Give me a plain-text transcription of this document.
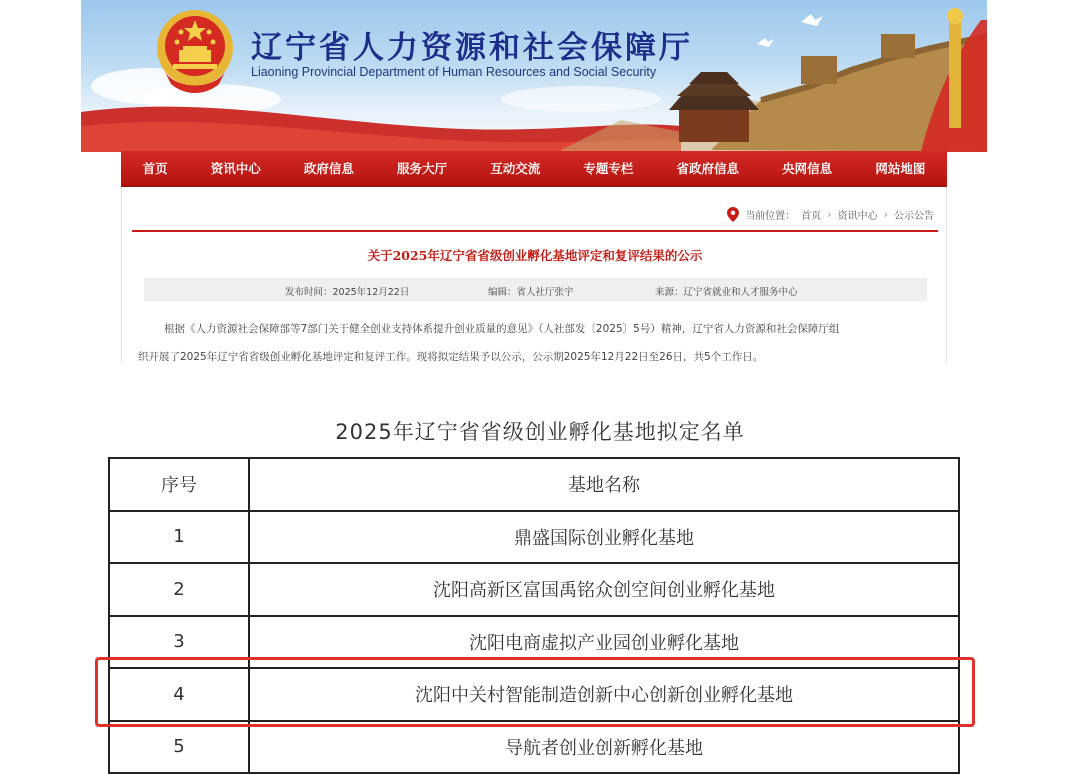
辽宁省人力资源和社会保障厅
Liaoning Provincial Department of Human Resources and Social Security
首页	资讯中心	政府信息	服务大厅	互动交流	专题专栏	省政府信息	央网信息	网站地图
当前位置： 首页 › 资讯中心 › 公示公告
关于2025年辽宁省省级创业孵化基地评定和复评结果的公示
发布时间：2025年12月22日	编辑：省人社厅张宇	来源：辽宁省就业和人才服务中心

根据《人力资源社会保障部等7部门关于健全创业支持体系提升创业质量的意见》（人社部发〔2025〕5号）精神，辽宁省人力资源和社会保障厅组

织开展了2025年辽宁省省级创业孵化基地评定和复评工作。现将拟定结果予以公示，公示期2025年12月22日至26日，共5个工作日。

2025年辽宁省省级创业孵化基地拟定名单
序号	基地名称
1	鼎盛国际创业孵化基地
2	沈阳高新区富国禹铭众创空间创业孵化基地
3	沈阳电商虚拟产业园创业孵化基地
4	沈阳中关村智能制造创新中心创新创业孵化基地
5	导航者创业创新孵化基地
